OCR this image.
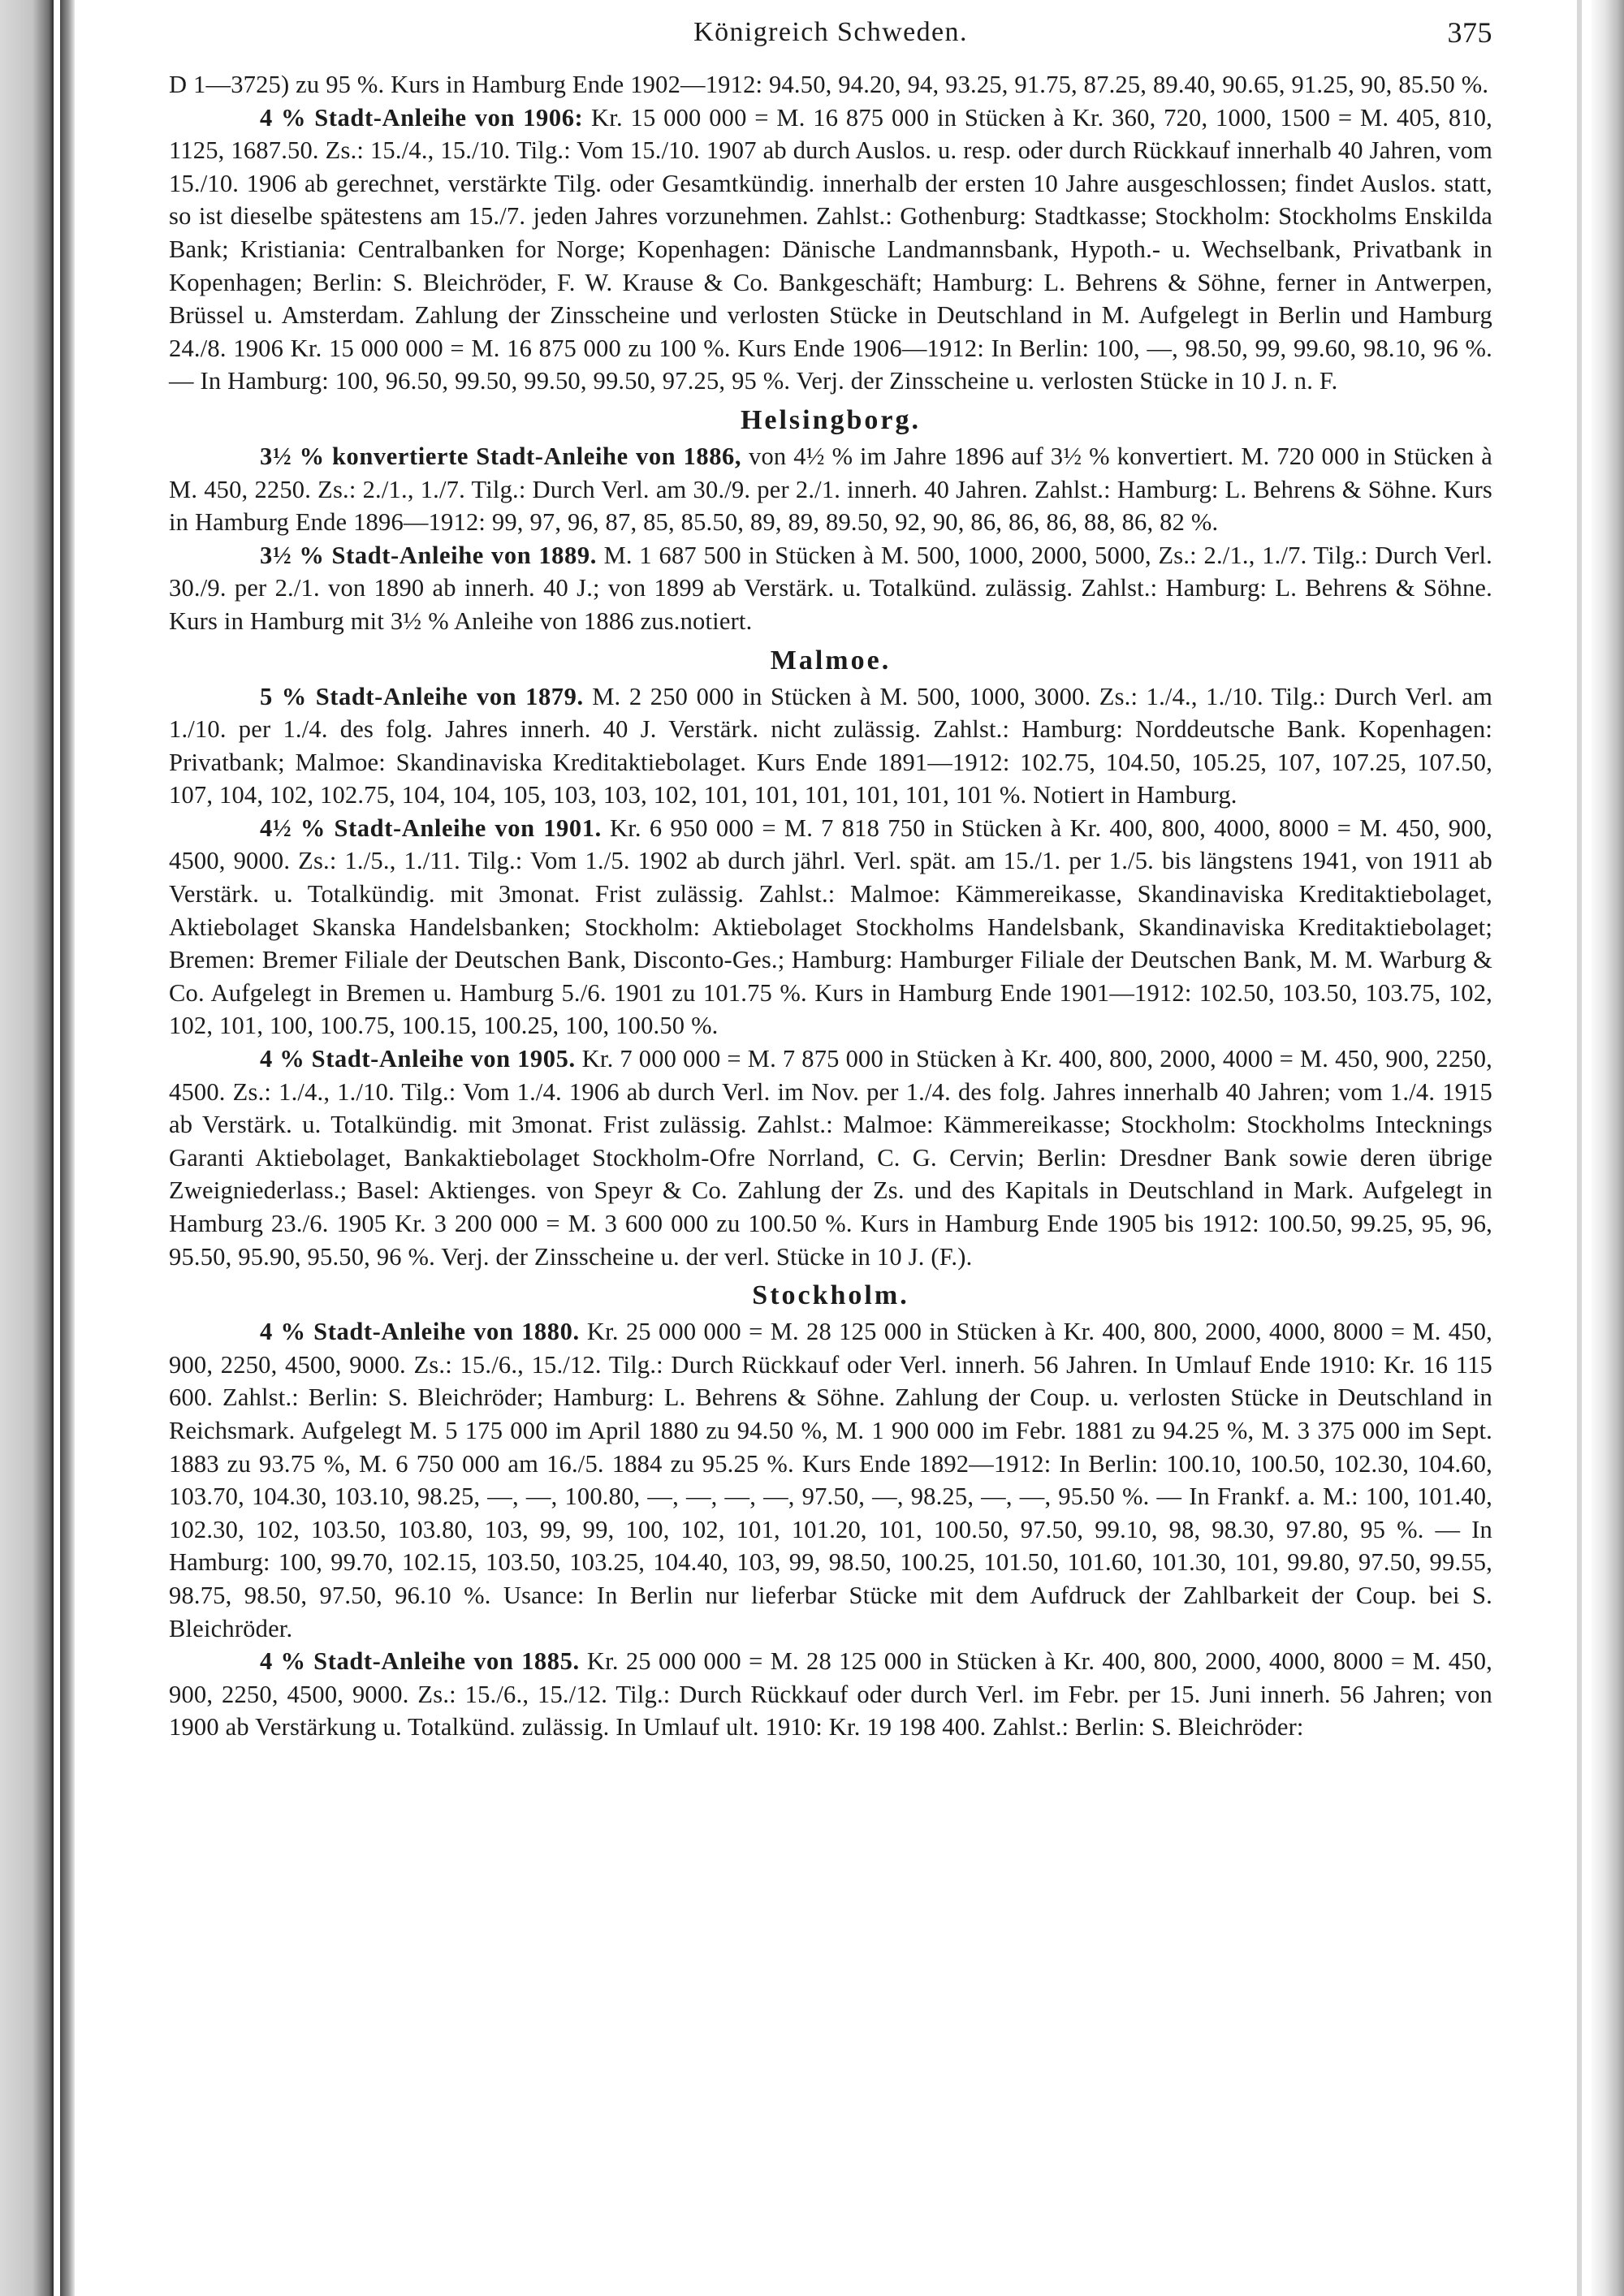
Königreich Schweden.	375

D 1—3725) zu 95 %. Kurs in Hamburg Ende 1902—1912: 94.50, 94.20, 94, 93.25, 91.75, 87.25, 89.40, 90.65, 91.25, 90, 85.50 %.

4 % Stadt-Anleihe von 1906: Kr. 15 000 000 = M. 16 875 000 in Stücken à Kr. 360, 720, 1000, 1500 = M. 405, 810, 1125, 1687.50. Zs.: 15./4., 15./10. Tilg.: Vom 15./10. 1907 ab durch Auslos. u. resp. oder durch Rückkauf innerhalb 40 Jahren, vom 15./10. 1906 ab gerechnet, verstärkte Tilg. oder Gesamtkündig. innerhalb der ersten 10 Jahre ausgeschlossen; findet Auslos. statt, so ist dieselbe spätestens am 15./7. jeden Jahres vorzunehmen. Zahlst.: Gothenburg: Stadtkasse; Stockholm: Stockholms Enskilda Bank; Kristiania: Centralbanken for Norge; Kopenhagen: Dänische Landmannsbank, Hypoth.- u. Wechselbank, Privatbank in Kopenhagen; Berlin: S. Bleichröder, F. W. Krause & Co. Bankgeschäft; Hamburg: L. Behrens & Söhne, ferner in Antwerpen, Brüssel u. Amsterdam. Zahlung der Zinsscheine und verlosten Stücke in Deutschland in M. Aufgelegt in Berlin und Hamburg 24./8. 1906 Kr. 15 000 000 = M. 16 875 000 zu 100 %. Kurs Ende 1906—1912: In Berlin: 100, —, 98.50, 99, 99.60, 98.10, 96 %. — In Hamburg: 100, 96.50, 99.50, 99.50, 99.50, 97.25, 95 %. Verj. der Zinsscheine u. verlosten Stücke in 10 J. n. F.

Helsingborg.

3½ % konvertierte Stadt-Anleihe von 1886, von 4½ % im Jahre 1896 auf 3½ % konvertiert. M. 720 000 in Stücken à M. 450, 2250. Zs.: 2./1., 1./7. Tilg.: Durch Verl. am 30./9. per 2./1. innerh. 40 Jahren. Zahlst.: Hamburg: L. Behrens & Söhne. Kurs in Hamburg Ende 1896—1912: 99, 97, 96, 87, 85, 85.50, 89, 89, 89.50, 92, 90, 86, 86, 86, 88, 86, 82 %.

3½ % Stadt-Anleihe von 1889. M. 1 687 500 in Stücken à M. 500, 1000, 2000, 5000, Zs.: 2./1., 1./7. Tilg.: Durch Verl. 30./9. per 2./1. von 1890 ab innerh. 40 J.; von 1899 ab Verstärk. u. Totalkünd. zulässig. Zahlst.: Hamburg: L. Behrens & Söhne. Kurs in Hamburg mit 3½ % Anleihe von 1886 zus.notiert.

Malmoe.

5 % Stadt-Anleihe von 1879. M. 2 250 000 in Stücken à M. 500, 1000, 3000. Zs.: 1./4., 1./10. Tilg.: Durch Verl. am 1./10. per 1./4. des folg. Jahres innerh. 40 J. Verstärk. nicht zulässig. Zahlst.: Hamburg: Norddeutsche Bank. Kopenhagen: Privatbank; Malmoe: Skandinaviska Kreditaktiebolaget. Kurs Ende 1891—1912: 102.75, 104.50, 105.25, 107, 107.25, 107.50, 107, 104, 102, 102.75, 104, 104, 105, 103, 103, 102, 101, 101, 101, 101, 101, 101 %. Notiert in Hamburg.

4½ % Stadt-Anleihe von 1901. Kr. 6 950 000 = M. 7 818 750 in Stücken à Kr. 400, 800, 4000, 8000 = M. 450, 900, 4500, 9000. Zs.: 1./5., 1./11. Tilg.: Vom 1./5. 1902 ab durch jährl. Verl. spät. am 15./1. per 1./5. bis längstens 1941, von 1911 ab Verstärk. u. Totalkündig. mit 3monat. Frist zulässig. Zahlst.: Malmoe: Kämmereikasse, Skandinaviska Kreditaktiebolaget, Aktiebolaget Skanska Handelsbanken; Stockholm: Aktiebolaget Stockholms Handelsbank, Skandinaviska Kreditaktiebolaget; Bremen: Bremer Filiale der Deutschen Bank, Disconto-Ges.; Hamburg: Hamburger Filiale der Deutschen Bank, M. M. Warburg & Co. Aufgelegt in Bremen u. Hamburg 5./6. 1901 zu 101.75 %. Kurs in Hamburg Ende 1901—1912: 102.50, 103.50, 103.75, 102, 102, 101, 100, 100.75, 100.15, 100.25, 100, 100.50 %.

4 % Stadt-Anleihe von 1905. Kr. 7 000 000 = M. 7 875 000 in Stücken à Kr. 400, 800, 2000, 4000 = M. 450, 900, 2250, 4500. Zs.: 1./4., 1./10. Tilg.: Vom 1./4. 1906 ab durch Verl. im Nov. per 1./4. des folg. Jahres innerhalb 40 Jahren; vom 1./4. 1915 ab Verstärk. u. Totalkündig. mit 3monat. Frist zulässig. Zahlst.: Malmoe: Kämmereikasse; Stockholm: Stockholms Intecknings Garanti Aktiebolaget, Bankaktiebolaget Stockholm-Ofre Norrland, C. G. Cervin; Berlin: Dresdner Bank sowie deren übrige Zweigniederlass.; Basel: Aktienges. von Speyr & Co. Zahlung der Zs. und des Kapitals in Deutschland in Mark. Aufgelegt in Hamburg 23./6. 1905 Kr. 3 200 000 = M. 3 600 000 zu 100.50 %. Kurs in Hamburg Ende 1905 bis 1912: 100.50, 99.25, 95, 96, 95.50, 95.90, 95.50, 96 %. Verj. der Zinsscheine u. der verl. Stücke in 10 J. (F.).

Stockholm.

4 % Stadt-Anleihe von 1880. Kr. 25 000 000 = M. 28 125 000 in Stücken à Kr. 400, 800, 2000, 4000, 8000 = M. 450, 900, 2250, 4500, 9000. Zs.: 15./6., 15./12. Tilg.: Durch Rückkauf oder Verl. innerh. 56 Jahren. In Umlauf Ende 1910: Kr. 16 115 600. Zahlst.: Berlin: S. Bleichröder; Hamburg: L. Behrens & Söhne. Zahlung der Coup. u. verlosten Stücke in Deutschland in Reichsmark. Aufgelegt M. 5 175 000 im April 1880 zu 94.50 %, M. 1 900 000 im Febr. 1881 zu 94.25 %, M. 3 375 000 im Sept. 1883 zu 93.75 %, M. 6 750 000 am 16./5. 1884 zu 95.25 %. Kurs Ende 1892—1912: In Berlin: 100.10, 100.50, 102.30, 104.60, 103.70, 104.30, 103.10, 98.25, —, —, 100.80, —, —, —, —, 97.50, —, 98.25, —, —, 95.50 %. — In Frankf. a. M.: 100, 101.40, 102.30, 102, 103.50, 103.80, 103, 99, 99, 100, 102, 101, 101.20, 101, 100.50, 97.50, 99.10, 98, 98.30, 97.80, 95 %. — In Hamburg: 100, 99.70, 102.15, 103.50, 103.25, 104.40, 103, 99, 98.50, 100.25, 101.50, 101.60, 101.30, 101, 99.80, 97.50, 99.55, 98.75, 98.50, 97.50, 96.10 %. Usance: In Berlin nur lieferbar Stücke mit dem Aufdruck der Zahlbarkeit der Coup. bei S. Bleichröder.

4 % Stadt-Anleihe von 1885. Kr. 25 000 000 = M. 28 125 000 in Stücken à Kr. 400, 800, 2000, 4000, 8000 = M. 450, 900, 2250, 4500, 9000. Zs.: 15./6., 15./12. Tilg.: Durch Rückkauf oder durch Verl. im Febr. per 15. Juni innerh. 56 Jahren; von 1900 ab Verstärkung u. Totalkünd. zulässig. In Umlauf ult. 1910: Kr. 19 198 400. Zahlst.: Berlin: S. Bleichröder:
